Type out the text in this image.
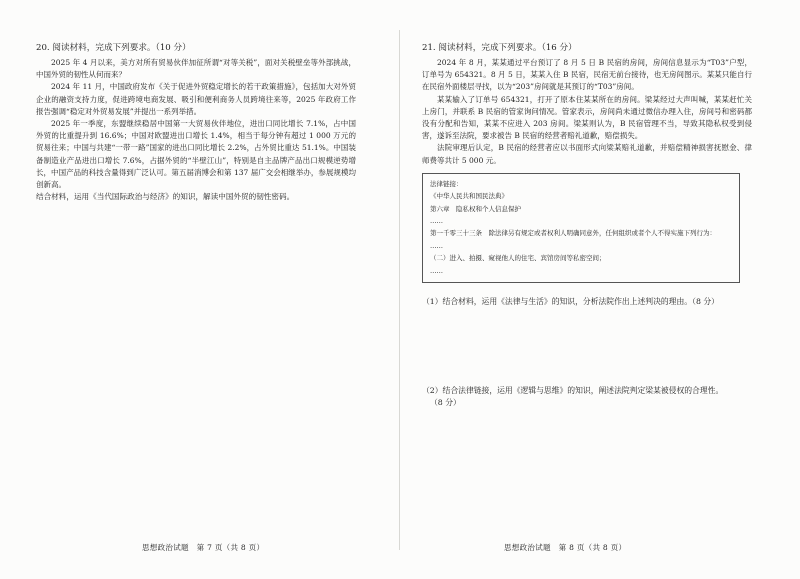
20. 阅读材料，完成下列要求。（10 分）

2025 年 4 月以来，美方对所有贸易伙伴加征所谓“对等关税”，面对关税壁垒等外部挑战，中国外贸的韧性从何而来？

2024 年 11 月，中国政府发布《关于促进外贸稳定增长的若干政策措施》，包括加大对外贸企业的融资支持力度，促进跨境电商发展、吸引和便利商务人员跨境往来等，2025 年政府工作报告强调“稳定对外贸易发展”并提出一系列举措。

2025 年一季度，东盟继续稳居中国第一大贸易伙伴地位，进出口同比增长 7.1%，占中国外贸的比重提升到 16.6%；中国对欧盟进出口增长 1.4%，相当于每分钟有超过 1 000 万元的贸易往来；中国与共建“一带一路”国家的进出口同比增长 2.2%，占外贸比重达 51.1%。中国装备制造业产品进出口增长 7.6%，占据外贸的“半壁江山”，特别是自主品牌产品出口规模逆势增长，中国产品的科技含量得到广泛认可。第五届消博会和第 137 届广交会相继举办，参展规模均创新高。

结合材料，运用《当代国际政治与经济》的知识，解读中国外贸的韧性密码。

思想政治试题　第 7 页（共 8 页）

21. 阅读材料，完成下列要求。（16 分）

2024 年 8 月，某某通过平台预订了 8 月 5 日 B 民宿的房间，房间信息显示为“T03”户型，订单号为 654321。8 月 5 日，某某入住 B 民宿，民宿无前台接待，也无房间图示。某某只能自行在民宿外面楼层寻找，以为“203”房间就是其预订的“T03”房间。

某某输入了订单号 654321，打开了原本住某某所在的房间。梁某经过大声叫喊，某某赶忙关上房门，并联系 B 民宿的管家询问情况。管家表示，房间尚未通过微信办理入住，房间号和密码都没有分配和告知，某某不应进入 203 房间。梁某则认为，B 民宿管理不当，导致其隐私权受到侵害，遂诉至法院，要求被告 B 民宿的经营者赔礼道歉，赔偿损失。

法院审理后认定，B 民宿的经营者应以书面形式向梁某赔礼道歉，并赔偿精神损害抚慰金、律师费等共计 5 000 元。

法律链接：

《中华人民共和国民法典》

第六章　隐私权和个人信息保护

……

第一千零三十三条　除法律另有规定或者权利人明确同意外，任何组织或者个人不得实施下列行为：

……

（二）进入、拍摄、窥视他人的住宅、宾馆房间等私密空间；

……

（1）结合材料，运用《法律与生活》的知识，分析法院作出上述判决的理由。（8 分）

（2）结合法律链接，运用《逻辑与思维》的知识，阐述法院判定梁某被侵权的合理性。

（8 分）

思想政治试题　第 8 页（共 8 页）
